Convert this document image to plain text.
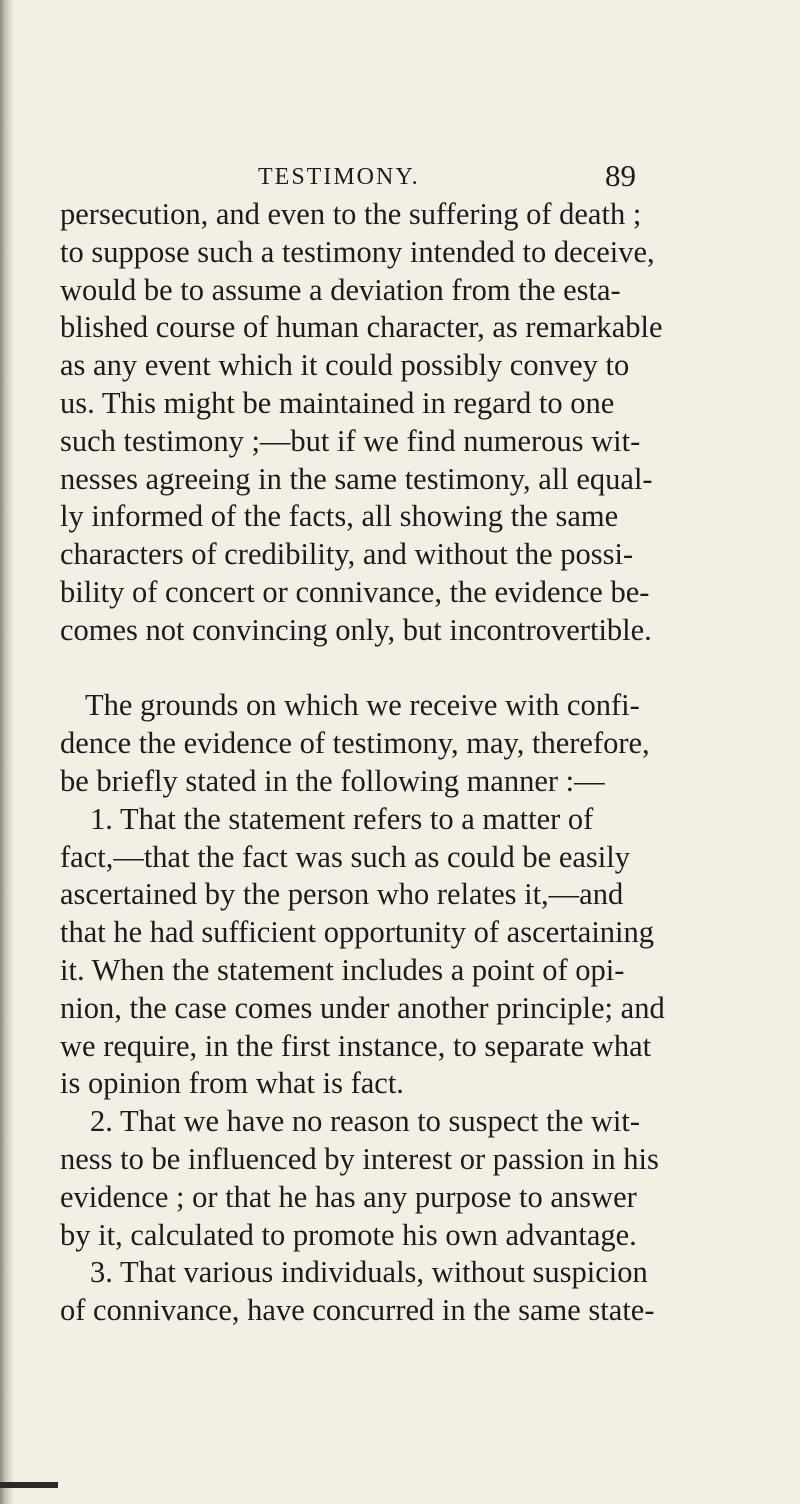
TESTIMONY.	89
persecution, and even to the suffering of death ;
to suppose such a testimony intended to deceive,
would be to assume a deviation from the esta-
blished course of human character, as remarkable
as any event which it could possibly convey to
us. This might be maintained in regard to one
such testimony ;—but if we find numerous wit-
nesses agreeing in the same testimony, all equal-
ly informed of the facts, all showing the same
characters of credibility, and without the possi-
bility of concert or connivance, the evidence be-
comes not convincing only, but incontrovertible.
The grounds on which we receive with confi-
dence the evidence of testimony, may, therefore,
be briefly stated in the following manner :—
1. That the statement refers to a matter of
fact,—that the fact was such as could be easily
ascertained by the person who relates it,—and
that he had sufficient opportunity of ascertaining
it. When the statement includes a point of opi-
nion, the case comes under another principle; and
we require, in the first instance, to separate what
is opinion from what is fact.
2. That we have no reason to suspect the wit-
ness to be influenced by interest or passion in his
evidence ; or that he has any purpose to answer
by it, calculated to promote his own advantage.
3. That various individuals, without suspicion
of connivance, have concurred in the same state-
